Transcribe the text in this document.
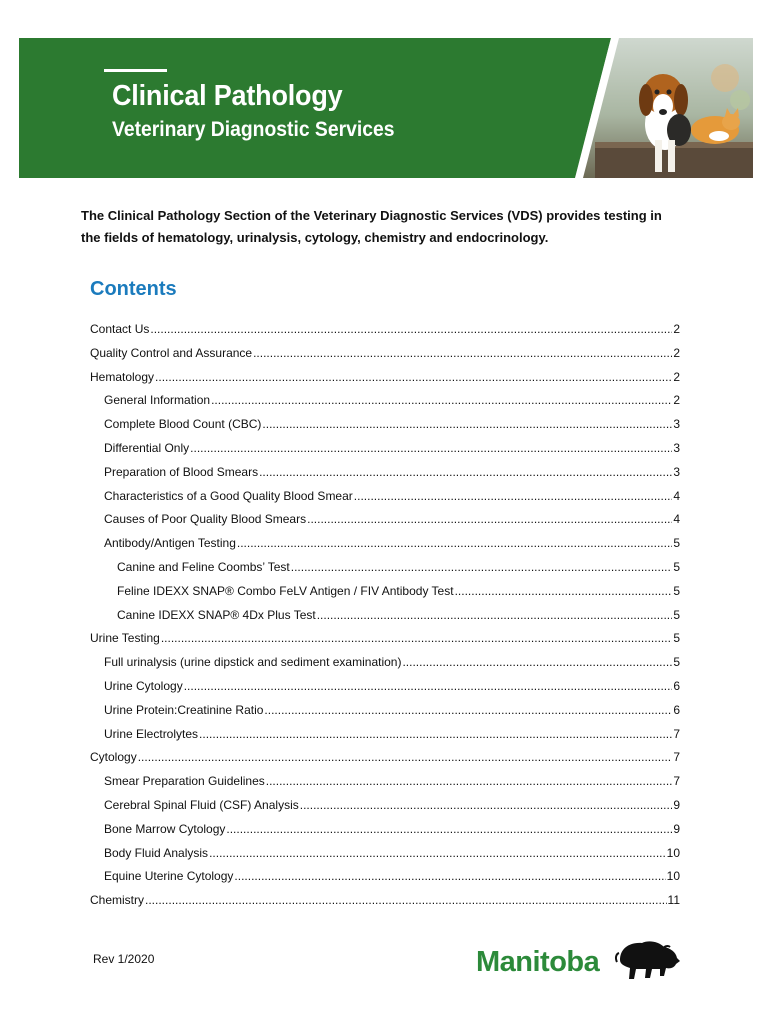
Clinical Pathology
Veterinary Diagnostic Services
The Clinical Pathology Section of the Veterinary Diagnostic Services (VDS) provides testing in the fields of hematology, urinalysis, cytology, chemistry and endocrinology.
Contents
Contact Us .....	2
Quality Control and Assurance .....	2
Hematology .....	2
General Information .....	2
Complete Blood Count (CBC) .....	3
Differential Only .....	3
Preparation of Blood Smears .....	3
Characteristics of a Good Quality Blood Smear .....	4
Causes of Poor Quality Blood Smears .....	4
Antibody/Antigen Testing .....	5
Canine and Feline Coombs’ Test .....	5
Feline IDEXX SNAP® Combo FeLV Antigen / FIV Antibody Test .....	5
Canine IDEXX SNAP® 4Dx Plus Test .....	5
Urine Testing .....	5
Full urinalysis (urine dipstick and sediment examination) .....	5
Urine Cytology .....	6
Urine Protein:Creatinine Ratio .....	6
Urine Electrolytes .....	7
Cytology .....	7
Smear Preparation Guidelines .....	7
Cerebral Spinal Fluid (CSF) Analysis .....	9
Bone Marrow Cytology .....	9
Body Fluid Analysis .....	10
Equine Uterine Cytology .....	10
Chemistry .....	11
Rev 1/2020	Manitoba
